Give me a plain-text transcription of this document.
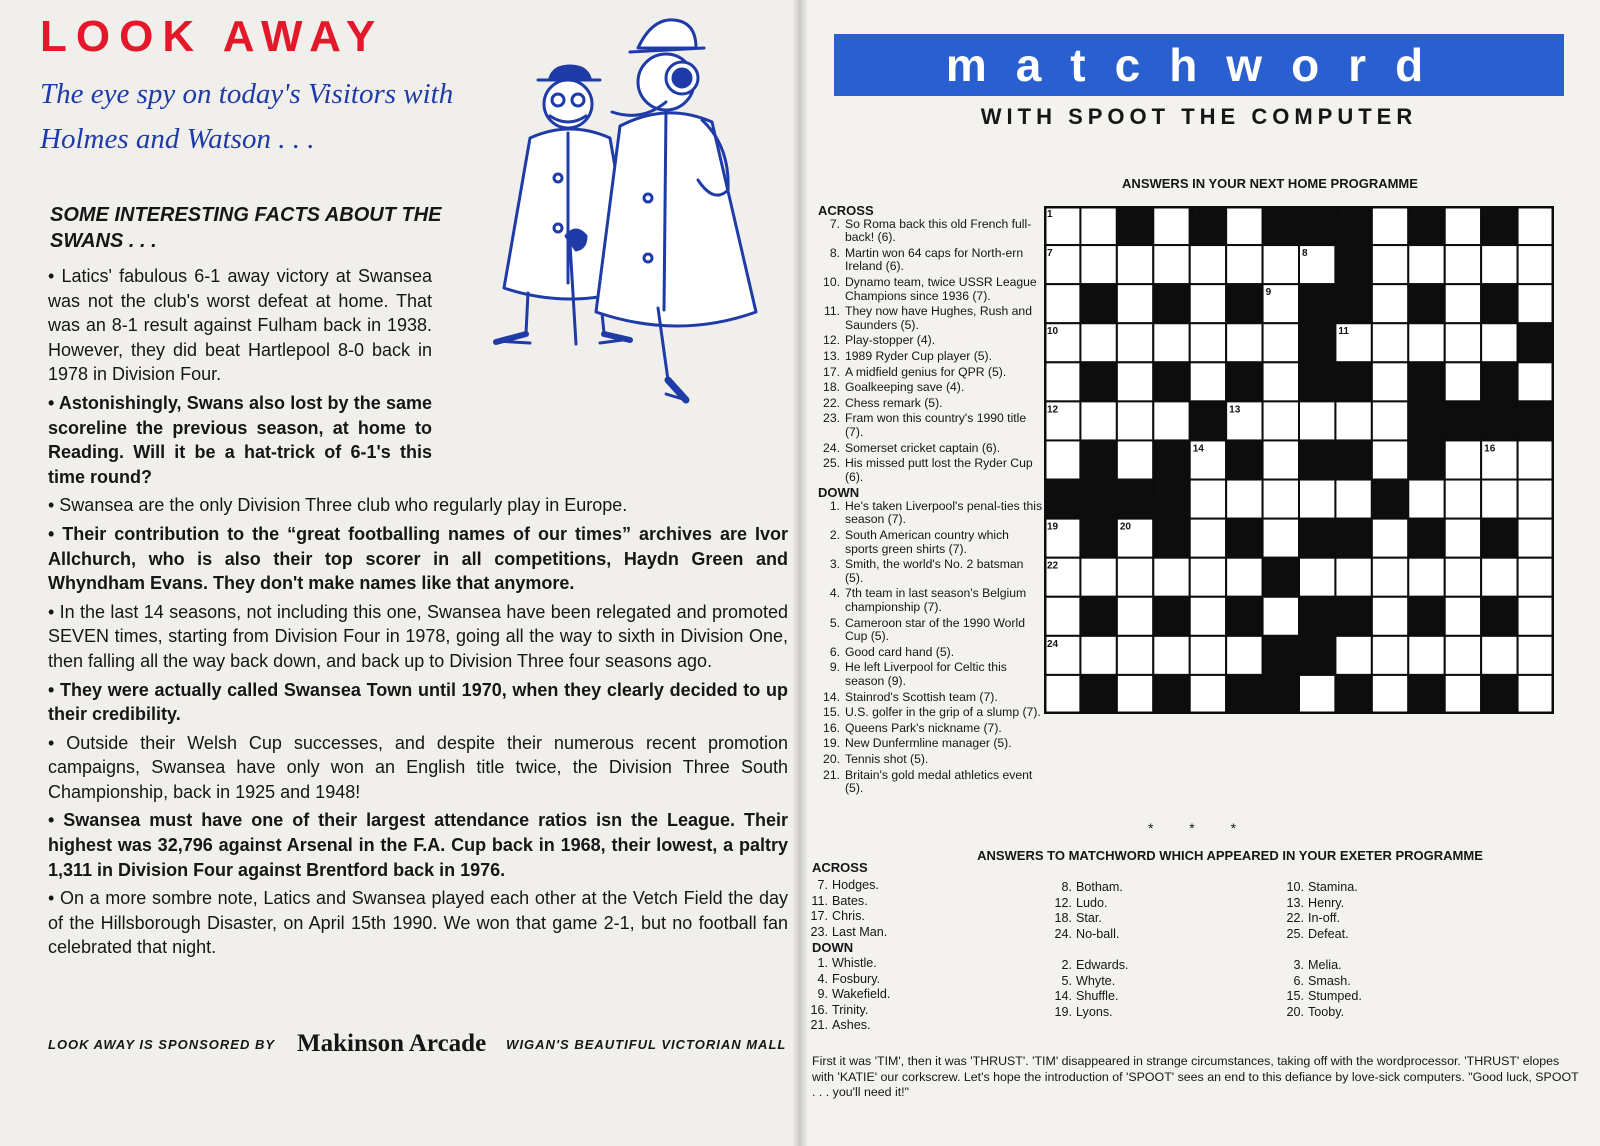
LOOK AWAY
The eye spy on today's Visitors with Holmes and Watson . . .
SOME INTERESTING FACTS ABOUT THE SWANS . . .

• Latics' fabulous 6-1 away victory at Swansea was not the club's worst defeat at home. That was an 8-1 result against Fulham back in 1938. However, they did beat Hartlepool 8-0 back in 1978 in Division Four.

• Astonishingly, Swans also lost by the same scoreline the previous season, at home to Reading. Will it be a hat-trick of 6-1's this time round?

• Swansea are the only Division Three club who regularly play in Europe.

• Their contribution to the “great footballing names of our times” archives are Ivor Allchurch, who is also their top scorer in all competitions, Haydn Green and Whyndham Evans. They don't make names like that anymore.

• In the last 14 seasons, not including this one, Swansea have been relegated and promoted SEVEN times, starting from Division Four in 1978, going all the way to sixth in Division One, then falling all the way back down, and back up to Division Three four seasons ago.

• They were actually called Swansea Town until 1970, when they clearly decided to up their credibility.

• Outside their Welsh Cup successes, and despite their numerous recent promotion campaigns, Swansea have only won an English title twice, the Division Three South Championship, back in 1925 and 1948!

• Swansea must have one of their largest attendance ratios isn the League. Their highest was 32,796 against Arsenal in the F.A. Cup back in 1968, their lowest, a paltry 1,311 in Division Four against Brentford back in 1976.

• On a more sombre note, Latics and Swansea played each other at the Vetch Field the day of the Hillsborough Disaster, on April 15th 1990. We won that game 2-1, but no football fan celebrated that night.

LOOK AWAY IS SPONSORED BY Makinson Arcade WIGAN'S BEAUTIFUL VICTORIAN MALL
matchword
WITH SPOOT THE COMPUTER
ANSWERS IN YOUR NEXT HOME PROGRAMME
ACROSS
7. So Roma back this old French full-back! (6).
8. Martin won 64 caps for North-ern Ireland (6).
10. Dynamo team, twice USSR League Champions since 1936 (7).
11. They now have Hughes, Rush and Saunders (5).
12. Play-stopper (4).
13. 1989 Ryder Cup player (5).
17. A midfield genius for QPR (5).
18. Goalkeeping save (4).
22. Chess remark (5).
23. Fram won this country's 1990 title (7).
24. Somerset cricket captain (6).
25. His missed putt lost the Ryder Cup (6).
DOWN
1. He's taken Liverpool's penal-ties this season (7).
2. South American country which sports green shirts (7).
3. Smith, the world's No. 2 batsman (5).
4. 7th team in last season's Belgium championship (7).
5. Cameroon star of the 1990 World Cup (5).
6. Good card hand (5).
9. He left Liverpool for Celtic this season (9).
14. Stainrod's Scottish team (7).
15. U.S. golfer in the grip of a slump (7).
16. Queens Park's nickname (7).
19. New Dunfermline manager (5).
20. Tennis shot (5).
21. Britain's gold medal athletics event (5).
1	2	3	4	5	6
7	8
9
10	11
12	13
14	15	16
17	18
19	20	21
22	23
24	25
* * *
ANSWERS TO MATCHWORD WHICH APPEARED IN YOUR EXETER PROGRAMME
ACROSS
7. Hodges.
11. Bates.
17. Chris.
23. Last Man.
8. Botham.
12. Ludo.
18. Star.
24. No-ball.
10. Stamina.
13. Henry.
22. In-off.
25. Defeat.
DOWN
1. Whistle.
4. Fosbury.
9. Wakefield.
16. Trinity.
21. Ashes.
2. Edwards.
5. Whyte.
14. Shuffle.
19. Lyons.
3. Melia.
6. Smash.
15. Stumped.
20. Tooby.
First it was 'TIM', then it was 'THRUST'. 'TIM' disappeared in strange circumstances, taking off with the wordprocessor. 'THRUST' elopes with 'KATIE' our corkscrew. Let's hope the introduction of 'SPOOT' sees an end to this defiance by love-sick computers. "Good luck, SPOOT . . . you'll need it!"
